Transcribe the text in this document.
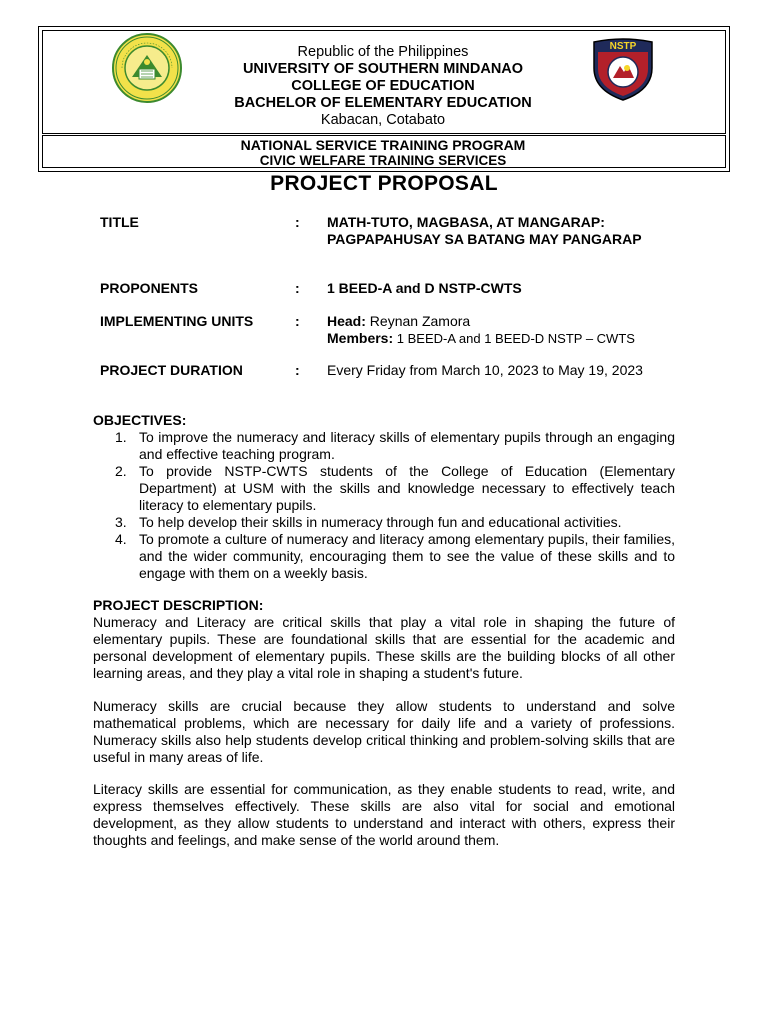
NSTP
Republic of the Philippines
UNIVERSITY OF SOUTHERN MINDANAO
COLLEGE OF EDUCATION
BACHELOR OF ELEMENTARY EDUCATION
Kabacan, Cotabato
NATIONAL SERVICE TRAINING PROGRAM
CIVIC WELFARE TRAINING SERVICES
PROJECT PROPOSAL
TITLE	: MATH-TUTO, MAGBASA, AT MANGARAP: PAGPAPAHUSAY SA BATANG MAY PANGARAP
PROPONENTS	: 1 BEED-A and D NSTP-CWTS
IMPLEMENTING UNITS	: Head: Reynan Zamora
Members: 1 BEED-A and 1 BEED-D NSTP – CWTS
PROJECT DURATION	: Every Friday from March 10, 2023 to May 19, 2023
OBJECTIVES:
1. To improve the numeracy and literacy skills of elementary pupils through an engaging and effective teaching program.
2. To provide NSTP-CWTS students of the College of Education (Elementary Department) at USM with the skills and knowledge necessary to effectively teach literacy to elementary pupils.
3. To help develop their skills in numeracy through fun and educational activities.
4. To promote a culture of numeracy and literacy among elementary pupils, their families, and the wider community, encouraging them to see the value of these skills and to engage with them on a weekly basis.
PROJECT DESCRIPTION:

Numeracy and Literacy are critical skills that play a vital role in shaping the future of elementary pupils. These are foundational skills that are essential for the academic and personal development of elementary pupils. These skills are the building blocks of all other learning areas, and they play a vital role in shaping a student's future.

Numeracy skills are crucial because they allow students to understand and solve mathematical problems, which are necessary for daily life and a variety of professions. Numeracy skills also help students develop critical thinking and problem-solving skills that are useful in many areas of life.

Literacy skills are essential for communication, as they enable students to read, write, and express themselves effectively. These skills are also vital for social and emotional development, as they allow students to understand and interact with others, express their thoughts and feelings, and make sense of the world around them.
